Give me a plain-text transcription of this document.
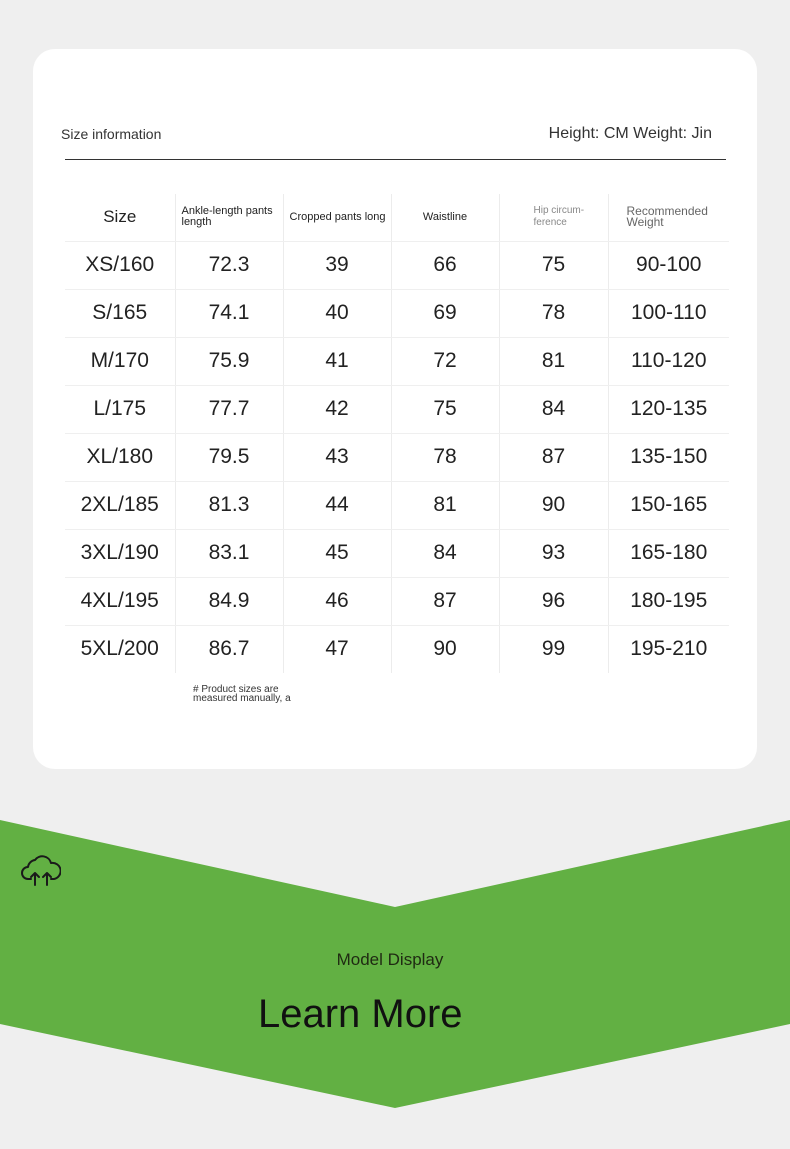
Size information	Height: CM Weight: Jin
Size	Ankle-length pants length	Cropped pants long	Waistline	Hip circum-ference	Recommended Weight
XS/160	72.3	39	66	75	90-100
S/165	74.1	40	69	78	100-110
M/170	75.9	41	72	81	110-120
L/175	77.7	42	75	84	120-135
XL/180	79.5	43	78	87	135-150
2XL/185	81.3	44	81	90	150-165
3XL/190	83.1	45	84	93	165-180
4XL/195	84.9	46	87	96	180-195
5XL/200	86.7	47	90	99	195-210
# Product sizes are measured manually, a
Model Display
Learn More
